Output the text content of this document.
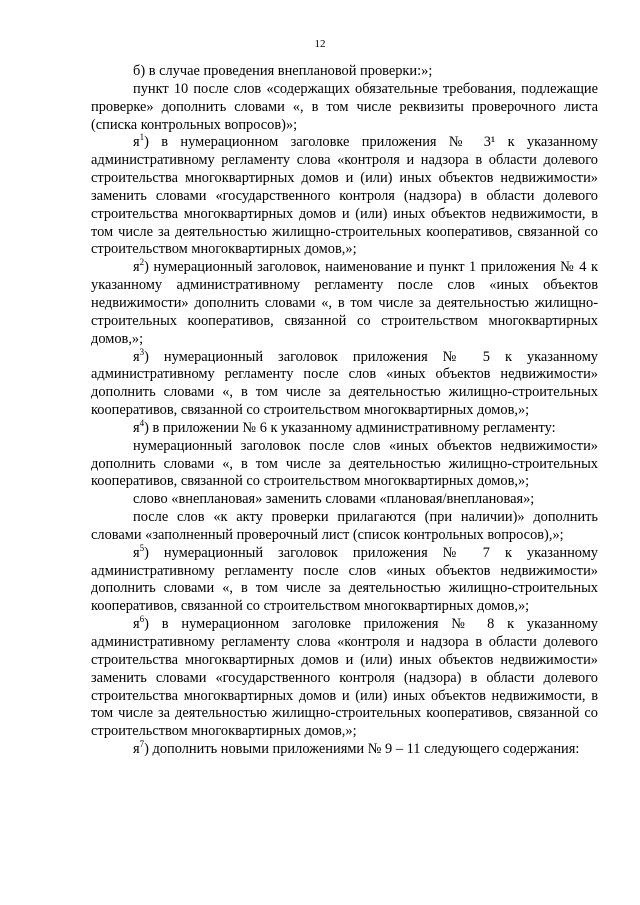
12

б) в случае проведения внеплановой проверки:»;

пункт 10 после слов «содержащих обязательные требования, подлежащие проверке» дополнить словами «, в том числе реквизиты проверочного листа (списка контрольных вопросов)»;

$я^1$) в нумерационном заголовке приложения № 3¹ к указанному административному регламенту слова «контроля и надзора в области долевого строительства многоквартирных домов и (или) иных объектов недвижимости» заменить словами «государственного контроля (надзора) в области долевого строительства многоквартирных домов и (или) иных объектов недвижимости, в том числе за деятельностью жилищно-строительных кооперативов, связанной со строительством многоквартирных домов,»;

$я^2$) нумерационный заголовок, наименование и пункт 1 приложения № 4 к указанному административному регламенту после слов «иных объектов недвижимости» дополнить словами «, в том числе за деятельностью жилищно-строительных кооперативов, связанной со строительством многоквартирных домов,»;

$я^3$) нумерационный заголовок приложения № 5 к указанному административному регламенту после слов «иных объектов недвижимости» дополнить словами «, в том числе за деятельностью жилищно-строительных кооперативов, связанной со строительством многоквартирных домов,»;

$я^4$) в приложении № 6 к указанному административному регламенту:

нумерационный заголовок после слов «иных объектов недвижимости» дополнить словами «, в том числе за деятельностью жилищно-строительных кооперативов, связанной со строительством многоквартирных домов,»;

слово «внеплановая» заменить словами «плановая/внеплановая»;

после слов «к акту проверки прилагаются (при наличии)» дополнить словами «заполненный проверочный лист (список контрольных вопросов),»;

$я^5$) нумерационный заголовок приложения № 7 к указанному административному регламенту после слов «иных объектов недвижимости» дополнить словами «, в том числе за деятельностью жилищно-строительных кооперативов, связанной со строительством многоквартирных домов,»;

$я^6$) в нумерационном заголовке приложения № 8 к указанному административному регламенту слова «контроля и надзора в области долевого строительства многоквартирных домов и (или) иных объектов недвижимости» заменить словами «государственного контроля (надзора) в области долевого строительства многоквартирных домов и (или) иных объектов недвижимости, в том числе за деятельностью жилищно-строительных кооперативов, связанной со строительством многоквартирных домов,»;

$я^7$) дополнить новыми приложениями № 9 – 11 следующего содержания:
